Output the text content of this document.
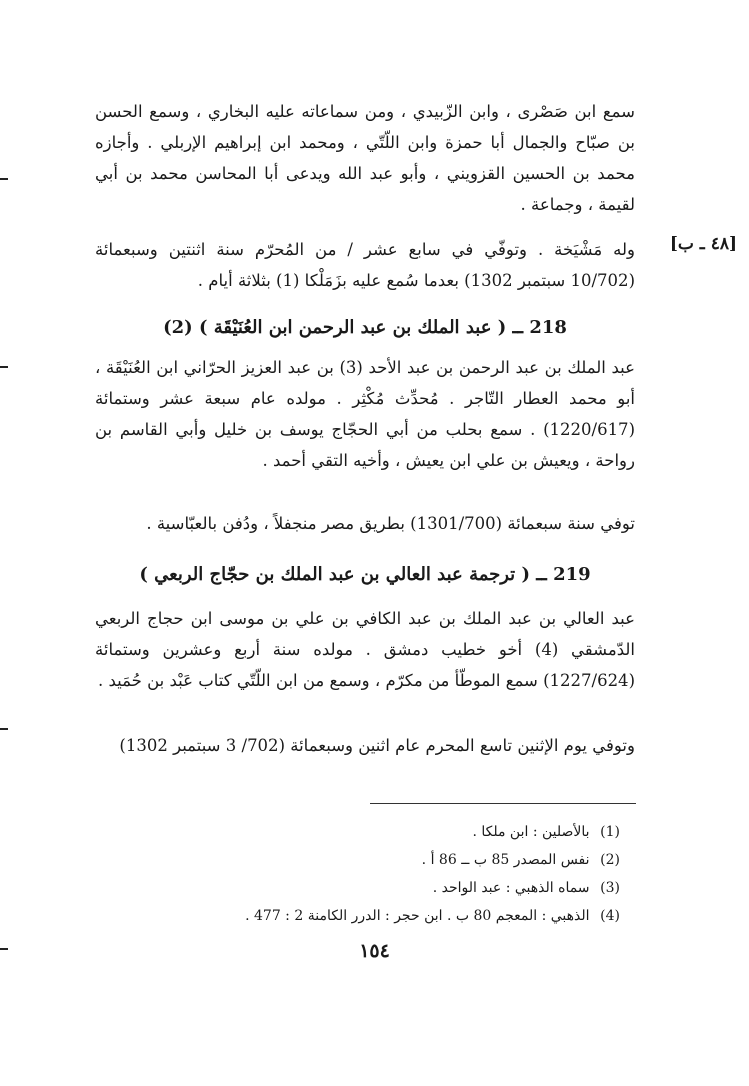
سمع ابن صَصْرى ، وابن الزّبيدي ، ومن سماعاته عليه البخاري ، وسمع الحسن بن صبّاح والجمال أبا حمزة وابن اللّتّي ، ومحمد ابن إبراهيم الإربلي . وأجازه محمد بن الحسين القزويني ، وأبو عبد الله ويدعى أبا المحاسن محمد بن أبي لقيمة ، وجماعة .

[٤٨ ـ ب]

وله مَشْيَخة . وتوفّي في سابع عشر / من المُحرّم سنة اثنتين وسبعمائة (10/702 سبتمبر 1302) بعدما سُمع عليه بزَمَلْكا (1) بثلاثة أيام .

218 ــ ( عبد الملك بن عبد الرحمن ابن العُنَيْقَة ) (2)

عبد الملك بن عبد الرحمن بن عبد الأحد (3) بن عبد العزيز الحرّاني ابن العُنَيْقَة ، أبو محمد العطار التّاجر . مُحدِّث مُكْثِر . مولده عام سبعة عشر وستمائة (1220/617) . سمع بحلب من أبي الحجّاج يوسف بن خليل وأبي القاسم بن رواحة ، ويعيش بن علي ابن يعيش ، وأخيه التقي أحمد .

توفي سنة سبعمائة (1301/700) بطريق مصر منجفلاً ، ودُفن بالعبّاسية .

219 ــ ( ترجمة عبد العالي بن عبد الملك بن حجّاج الربعي )

عبد العالي بن عبد الملك بن عبد الكافي بن علي بن موسى ابن حجاج الربعي الدّمشقي (4) أخو خطيب دمشق . مولده سنة أربع وعشرين وستمائة (1227/624) سمع الموطّأ من مكرّم ، وسمع من ابن اللّتّي كتاب عَبْد بن حُمَيد .

وتوفي يوم الإثنين تاسع المحرم عام اثنين وسبعمائة (702/ 3 سبتمبر 1302)

(1) بالأصلين : ابن ملكا .
(2) نفس المصدر 85 ب ــ 86 أ .
(3) سماه الذهبي : عبد الواحد .
(4) الذهبي : المعجم 80 ب . ابن حجر : الدرر الكامنة 2 : 477 .
١٥٤
